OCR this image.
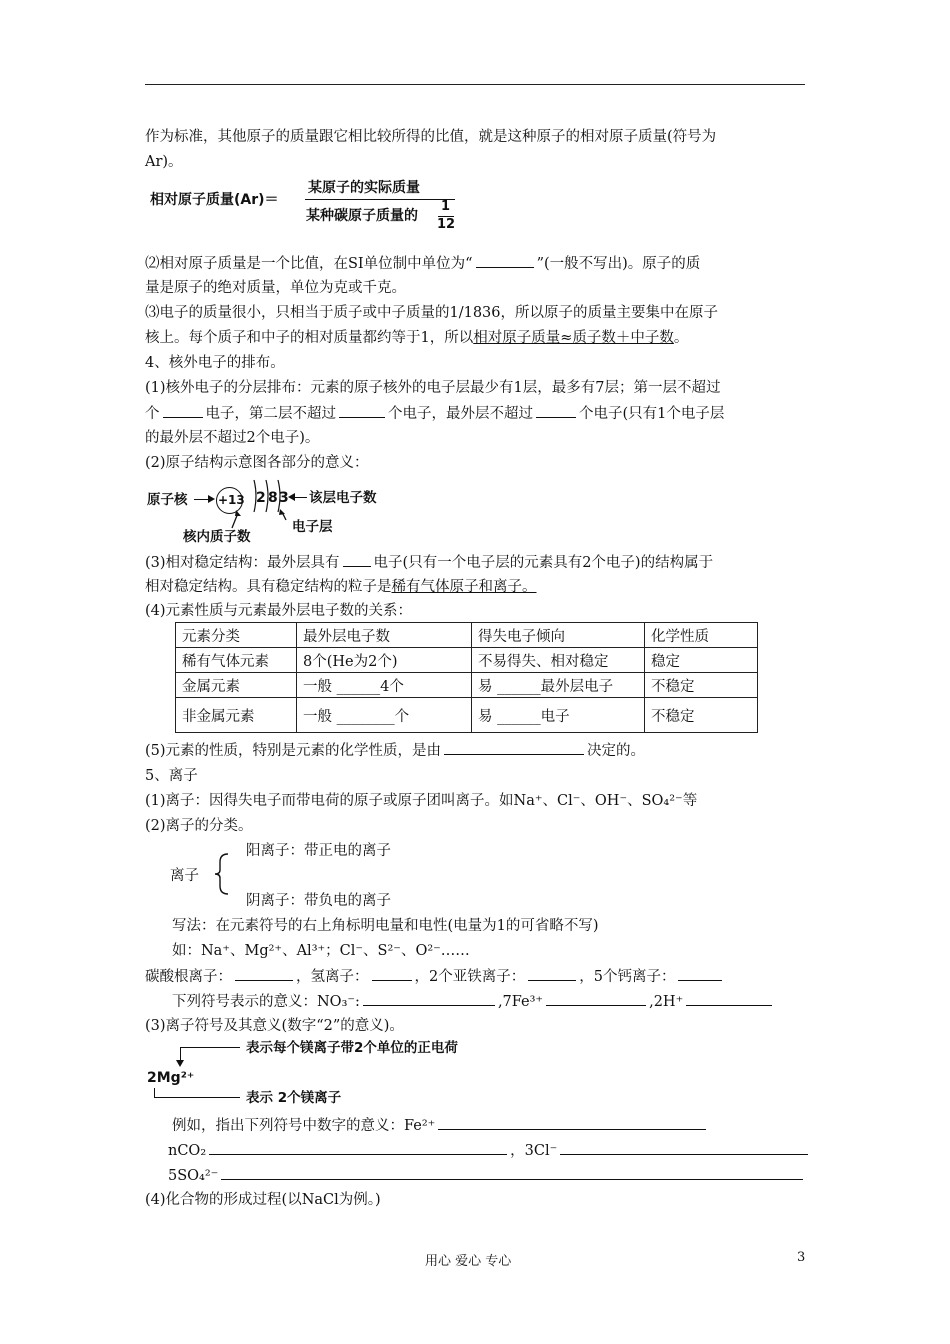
作为标准，其他原子的质量跟它相比较所得的比值，就是这种原子的相对原子质量(符号为
Ar)。
相对原子质量(Ar)＝
某原子的实际质量
某种碳原子质量的
1
12
⑵相对原子质量是一个比值，在SI单位制中单位为“	”(一般不写出)。原子的质
量是原子的绝对质量，单位为克或千克。
⑶电子的质量很小，只相当于质子或中子质量的1/1836，所以原子的质量主要集中在原子
核上。每个质子和中子的相对质量都约等于1，所以相对原子质量≈质子数＋中子数。
4、核外电子的排布。
(1)核外电子的分层排布：元素的原子核外的电子层最少有1层，最多有7层；第一层不超过
个	电子，第二层不超过	个电子，最外层不超过	个电子(只有1个电子层
的最外层不超过2个电子)。
(2)原子结构示意图各部分的意义：
原子核	+13 2 8 3 该层电子数
电子层
核内质子数
(3)相对稳定结构：最外层具有 电子(只有一个电子层的元素具有2个电子)的结构属于
相对稳定结构。具有稳定结构的粒子是稀有气体原子和离子。
(4)元素性质与元素最外层电子数的关系：
元素分类	最外层电子数	得失电子倾向	化学性质
稀有气体元素	8个(He为2个)	不易得失、相对稳定	稳定
金属元素	一般 ______4个	易 ______最外层电子	不稳定
非金属元素	一般 ________个	易 ______电子	不稳定
(5)元素的性质，特别是元素的化学性质，是由	决定的。
5、离子
(1)离子：因得失电子而带电荷的原子或原子团叫离子。如Na⁺、Cl⁻、OH⁻、SO₄²⁻等
(2)离子的分类。
阳离子：带正电的离子
离子
阴离子：带负电的离子
写法：在元素符号的右上角标明电量和电性(电量为1的可省略不写)
如：Na⁺、Mg²⁺、Al³⁺；Cl⁻、S²⁻、O²⁻……
碳酸根离子：	，氢离子：	，2个亚铁离子：	，5个钙离子：
下列符号表示的意义：NO₃⁻:	,7Fe³⁺	,2H⁺
(3)离子符号及其意义(数字“2”的意义)。
表示每个镁离子带2个单位的正电荷
2Mg²⁺
表示 2个镁离子
例如，指出下列符号中数字的意义：Fe²⁺
nCO₂	，3Cl⁻
5SO₄²⁻
(4)化合物的形成过程(以NaCl为例。)
用心 爱心 专心	3
